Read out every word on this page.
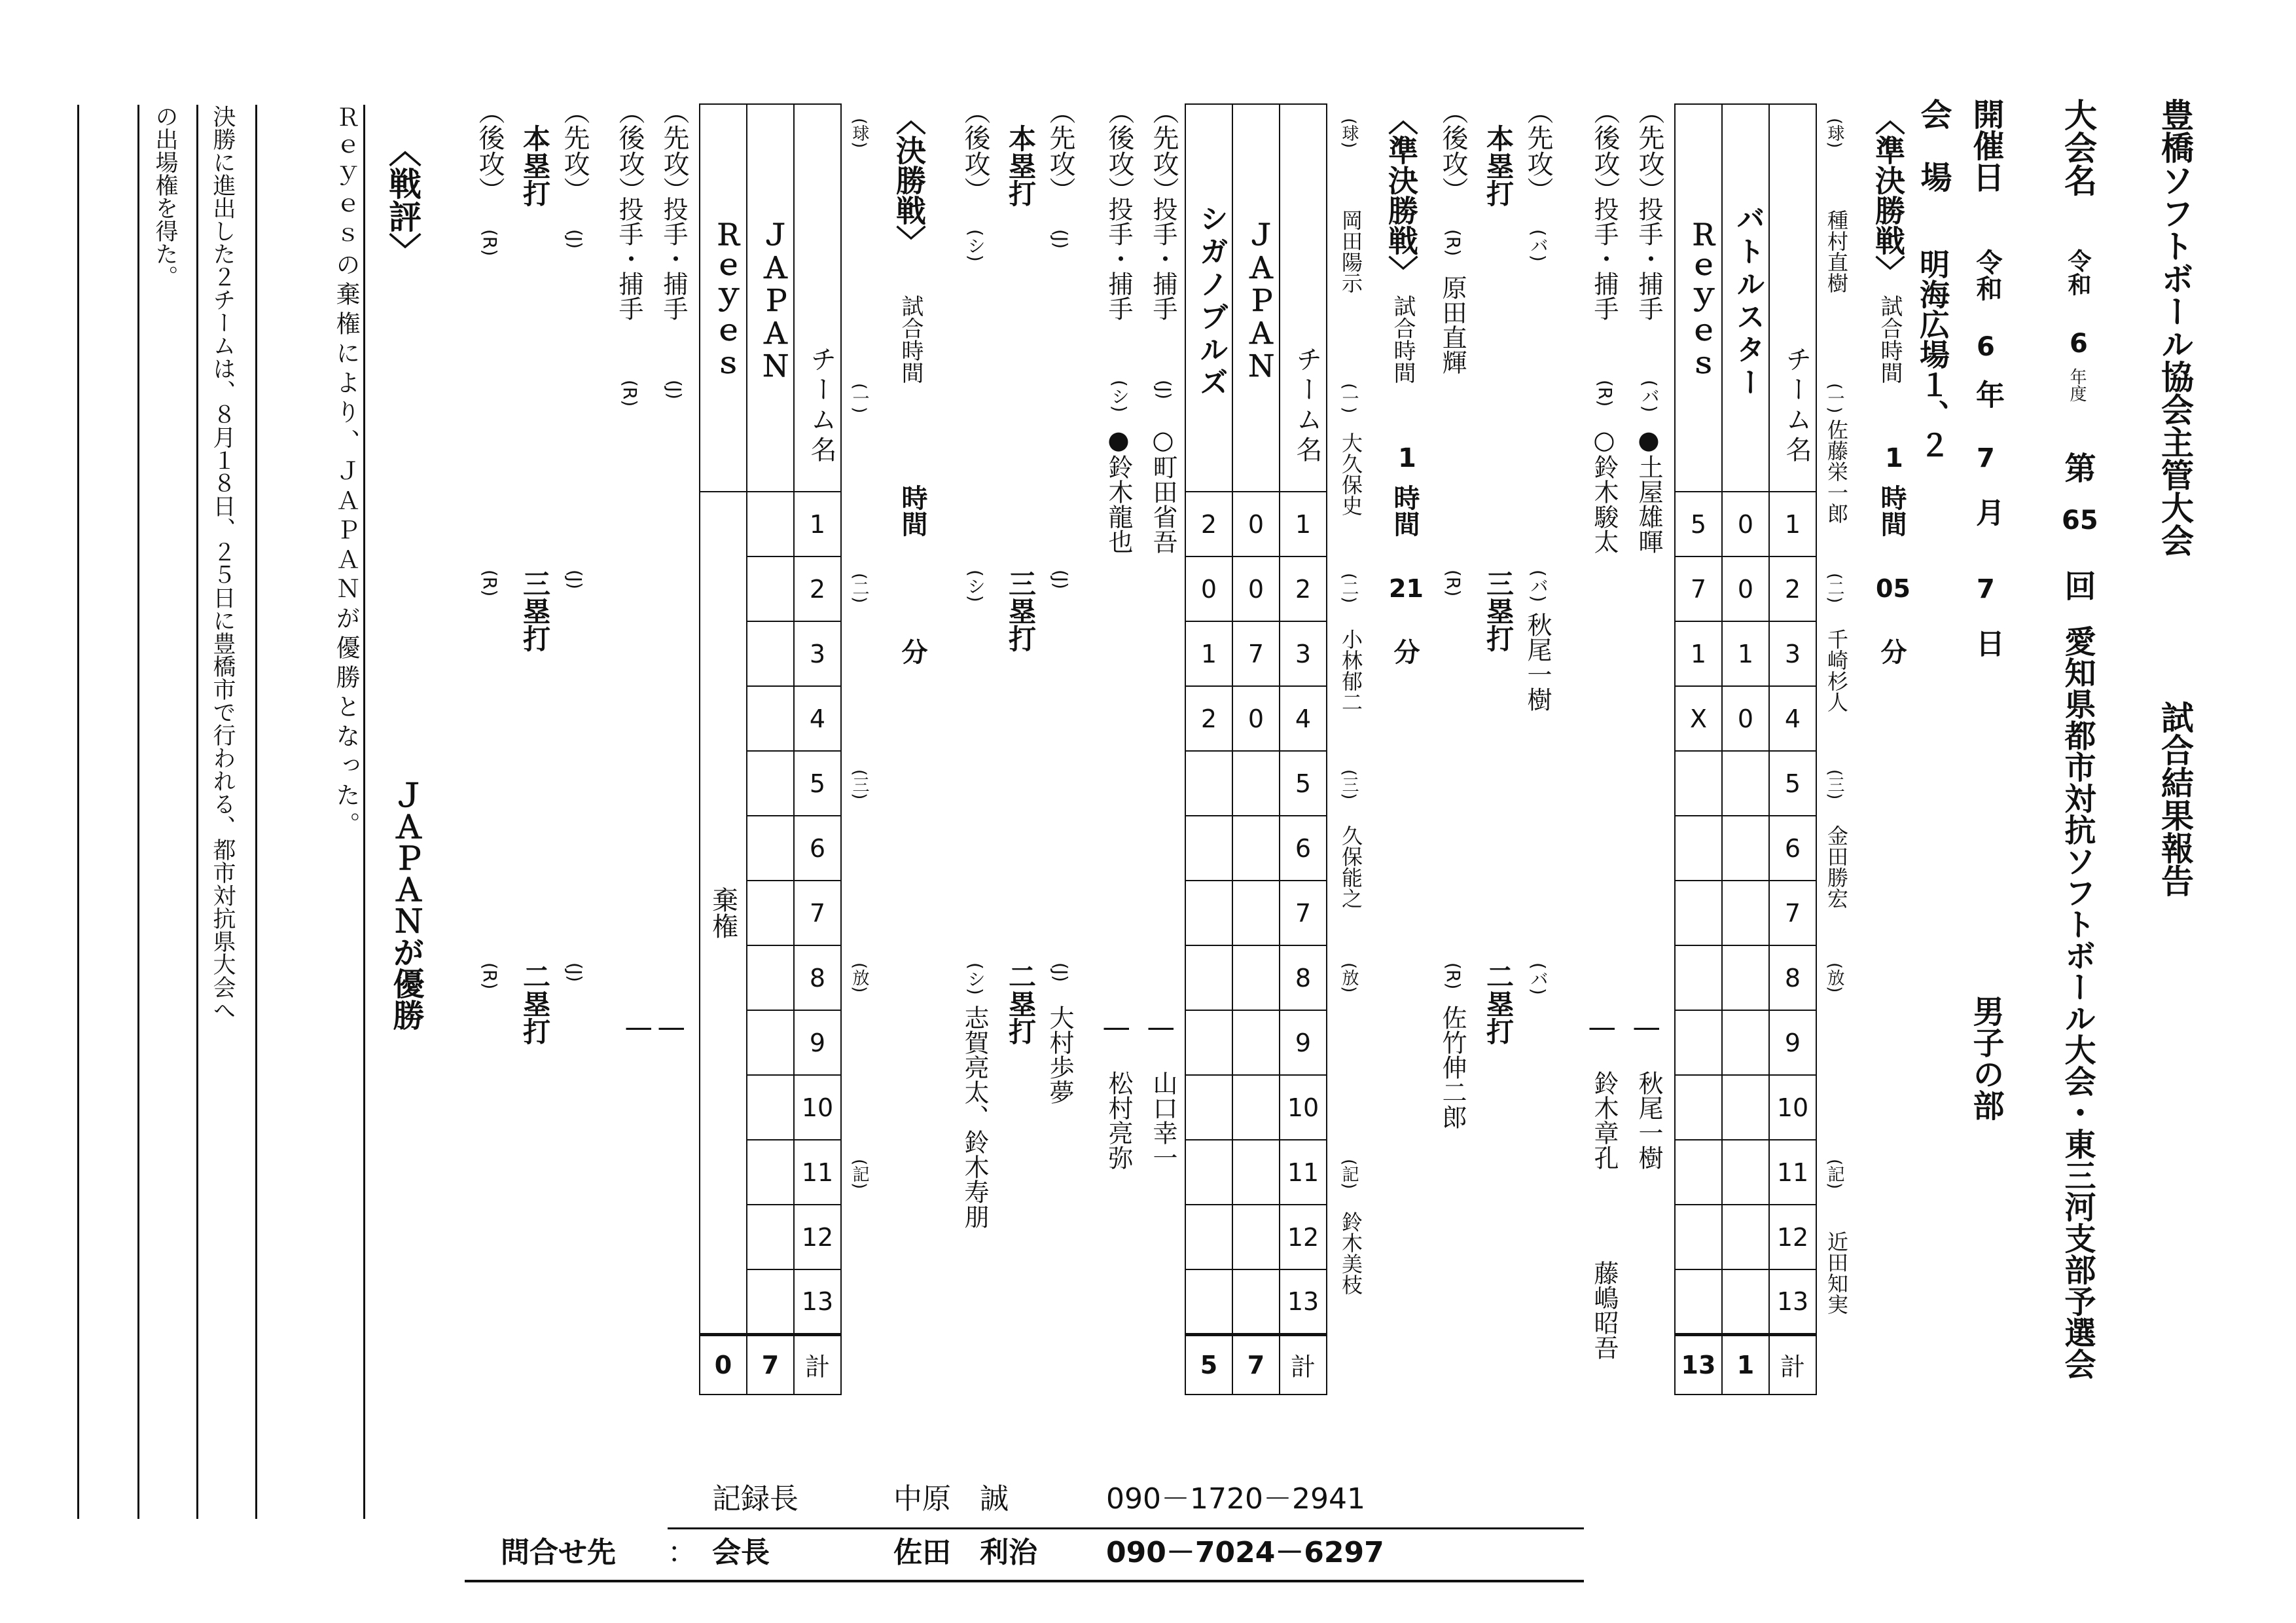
豊橋ソフトボール協会主管大会
試合結果報告
大会名
令和
6
年度
第
65
回
愛知県都市対抗ソフトボール大会・東三河支部予選会
開催日
令和
6
年
7
月
7
日
男子の部
会　場
明海広場１、２
(球)
種村直樹
(一)
佐藤栄一郎
(二)
千崎杉人
(三)
金田勝宏
(放)
(記)
近田知実
〈準決勝戦〉
試合時間
1
時間
05
分
Ｒｅｙｅｓ	バトルスター	チーム名
5	0	1
7	0	2
1	1	3
X	0	4
		5
		6
		7
		8
		9
		10
		11
		12
		13
13	1	計
（先攻）
投手・捕手
(バ)
●土屋雄暉
|
秋尾一樹
（後攻）
投手・捕手
(R)
○鈴木駿太
|
鈴木章孔
藤嶋昭吾
（先攻）
(バ)
本塁打
（後攻）
(R)
原田直輝
(バ)
秋尾一樹
三塁打
(R)
(バ)
二塁打
(R)
佐竹伸二郎
(球)
岡田陽示
(一)
大久保史
(二)
小林郁二
(三)
久保能之
(放)
(記)
鈴木美枝
〈準決勝戦〉
試合時間
1
時間
21
分
シガノブルズ	ＪＡＰＡＮ	チーム名
2	0	1
0	0	2
1	7	3
2	0	4
		5
		6
		7
		8
		9
		10
		11
		12
		13
5	7	計
（先攻）
投手・捕手
(J)
○町田省吾
|
山口幸一
（後攻）
投手・捕手
(シ)
●鈴木龍也
|
松村亮弥
（先攻）
(J)
本塁打
（後攻）
(シ)
(J)
三塁打
(シ)
(J)
大村歩夢
二塁打
(シ)
志賀亮太、鈴木寿朋
(球)
(一)
(二)
(三)
(放)
(記)
〈決勝戦〉
試合時間
時間
分
Ｒｅｙｅｓ	ＪＡＰＡＮ	チーム名
棄権		1
		2
		3
		4
		5
		6
		7
		8
		9
		10
		11
		12
		13
0	7	計
（先攻）
投手・捕手
(J)
|
（後攻）
投手・捕手
(R)
|
（先攻）
(J)
本塁打
（後攻）
(R)
(J)
三塁打
(R)
(J)
二塁打
(R)
〈戦評〉
ＪＡＰＡＮが優勝
Ｒｅｙｅｓの棄権により、ＪＡＰＡＮが優勝となった。
決勝に進出した２チームは、８月１８日、２５日に豊橋市で行われる、都市対抗県大会へ
の出場権を得た。
記録長	中原　誠	090－1720－2941
問合せ先 ： 会長	佐田　利治 090－7024－6297
